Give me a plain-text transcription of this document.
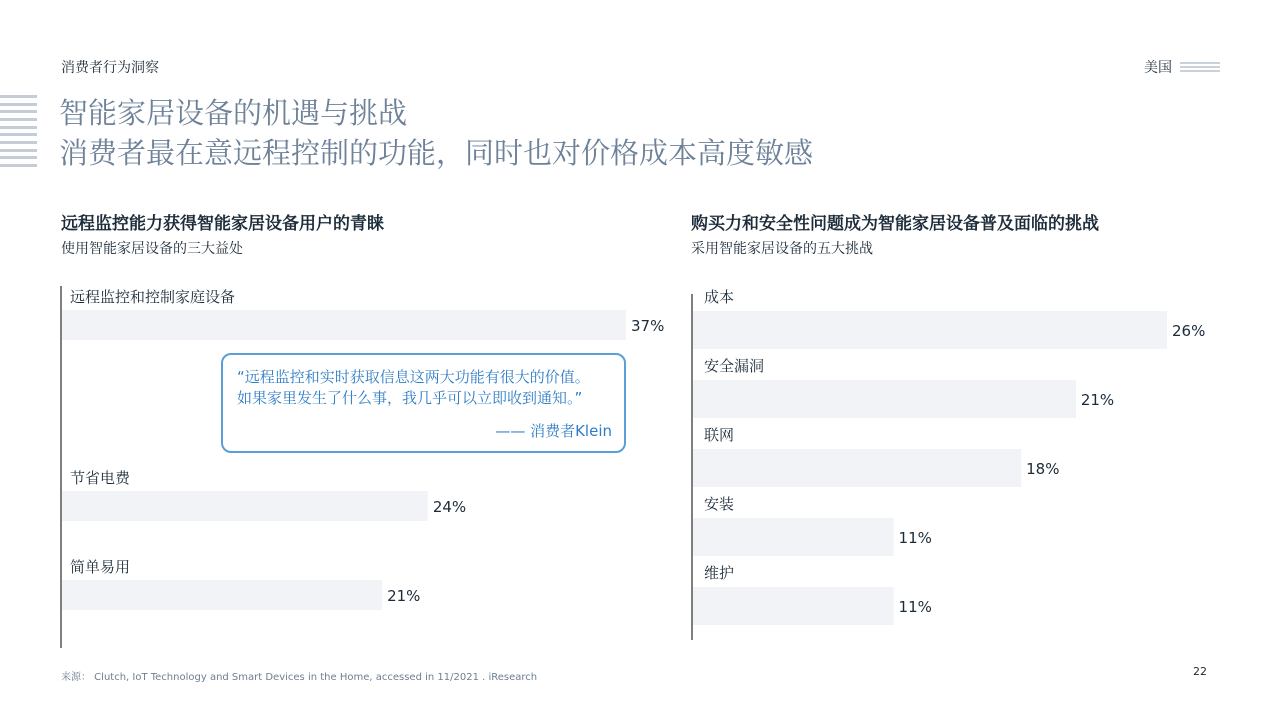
消费者行为洞察	美国
智能家居设备的机遇与挑战
消费者最在意远程控制的功能，同时也对价格成本高度敏感
远程监控能力获得智能家居设备用户的青睐
使用智能家居设备的三大益处
远程监控和控制家庭设备
37%
节省电费
24%
简单易用
21%
购买力和安全性问题成为智能家居设备普及面临的挑战
采用智能家居设备的五大挑战
成本
26%
安全漏洞
21%
联网
18%
安装
11%
维护
11%
“远程监控和实时获取信息这两大功能有很大的价值。
如果家里发生了什么事，我几乎可以立即收到通知。”
—— 消费者Klein
来源： Clutch, IoT Technology and Smart Devices in the Home, accessed in 11/2021 . iResearch	22
